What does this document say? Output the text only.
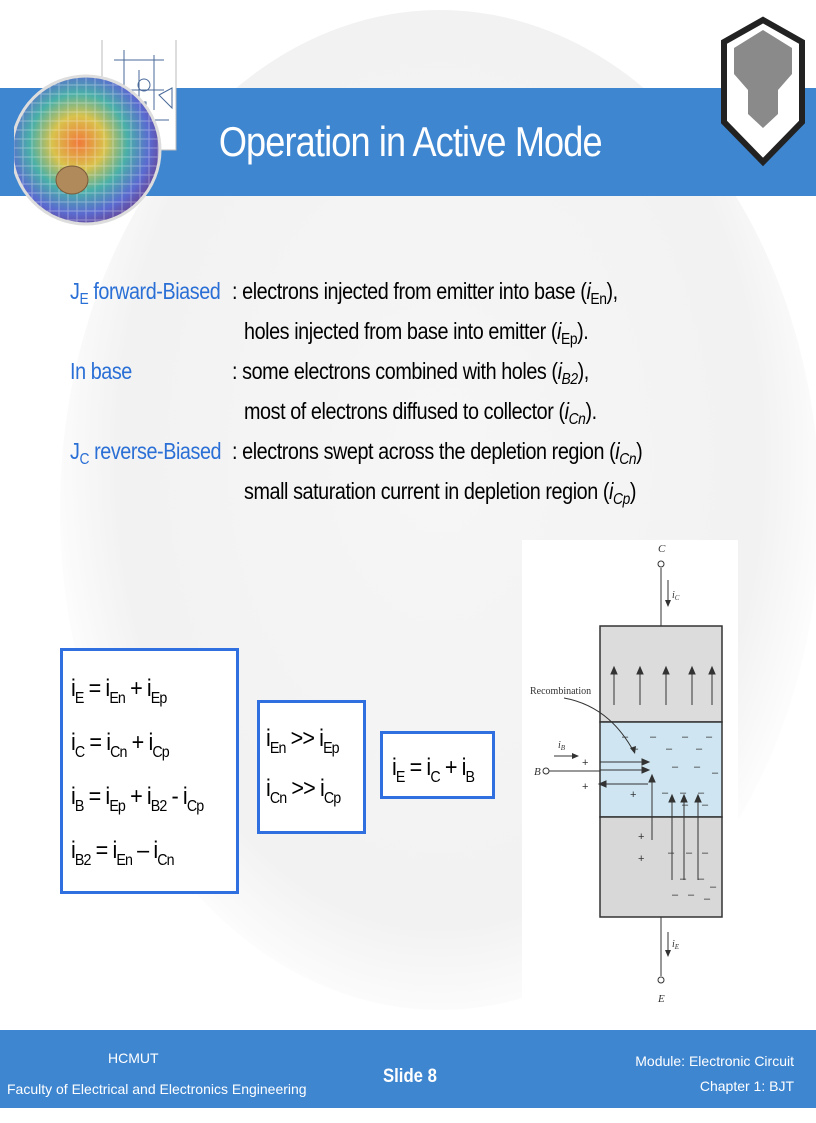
Operation in Active Mode
$J_E$ forward-Biased : electrons injected from emitter into base $(i_{En})$,
holes injected from base into emitter $(i_{Ep})$.
In base	: some electrons combined with holes $(i_{B2})$,
most of electrons diffused to collector $(i_{Cn})$.
$J_C$ reverse-Biased : electrons swept across the depletion region $(i_{Cn})$
small saturation current in depletion region $(i_{Cp})$
$i_E = i_{En} + i_{Ep}$
$i_C = i_{Cn} + i_{Cp}$
$i_B = i_{Ep} + i_{B2} - i_{Cp}$
$i_{B2} = i_{En} - i_{Cn}$
$i_{En} >> i_{Ep}$
$i_{Cn} >> i_{Cp}$
$i_E = i_C + i_B$
C
$i_C$
E
$i_E$
B
$i_B$
Recombination
+
+
– – – –
–	– –
– – –
+ – – –
– –
– – –
+
+
– –
–
– – –
HCMUT
Faculty of Electrical and Electronics Engineering
Slide 8
Module: Electronic Circuit
Chapter 1: BJT
